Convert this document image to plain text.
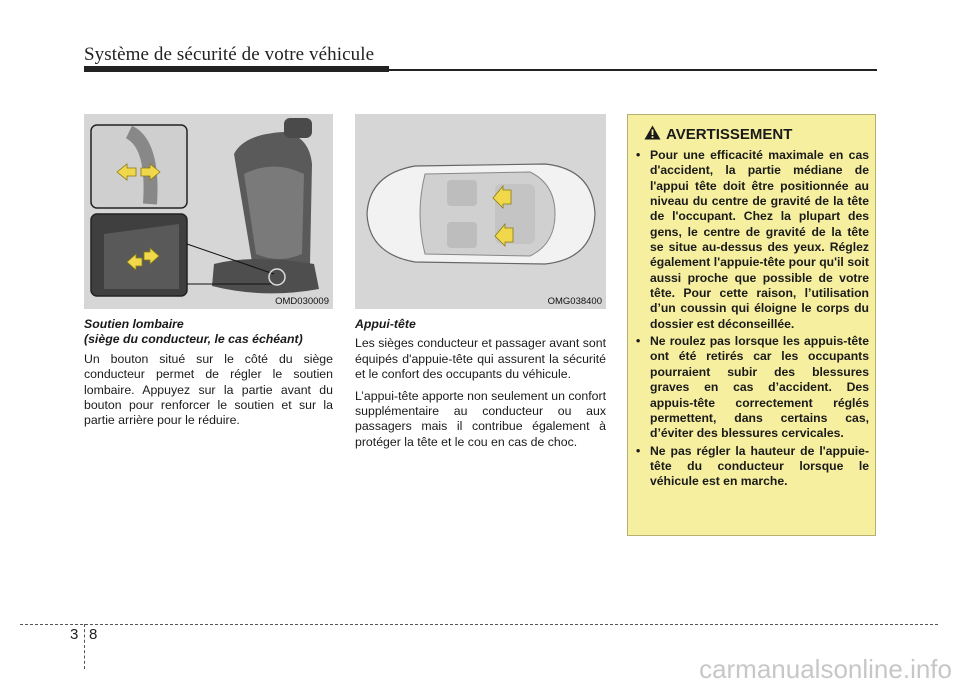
Système de sécurité de votre véhicule
OMD030009	OMG038400
Soutien lombaire
(siège du conducteur, le cas échéant)

Un bouton situé sur le côté du siège conducteur permet de régler le soutien lombaire. Appuyez sur la partie avant du bouton pour renforcer le soutien et sur la partie arrière pour le réduire.

Appui-tête

Les sièges conducteur et passager avant sont équipés d'appuie-tête qui assurent la sécurité et le confort des occupants du véhicule.

L’appui-tête apporte non seulement un confort supplémentaire au conducteur ou aux passagers mais il contribue également à protéger la tête et le cou en cas de choc.

AVERTISSEMENT
• Pour une efficacité maximale en cas d'accident, la partie médiane de l'appui tête doit être positionnée au niveau du centre de gravité de la tête de l'occupant. Chez la plupart des gens, le centre de gravité de la tête se situe au-dessus des yeux. Réglez également l'appuie-tête pour qu'il soit aussi proche que possible de votre tête. Pour cette raison, l’utilisation d’un coussin qui éloigne le corps du dossier est déconseillée.
• Ne roulez pas lorsque les appuis-tête ont été retirés car les occupants pourraient subir des blessures graves en cas d’accident. Des appuis-tête correctement réglés permettent, dans certains cas, d’éviter des blessures cervicales.
• Ne pas régler la hauteur de l'appuie-tête du conducteur lorsque le véhicule est en marche.
3 8
carmanualsonline.info
